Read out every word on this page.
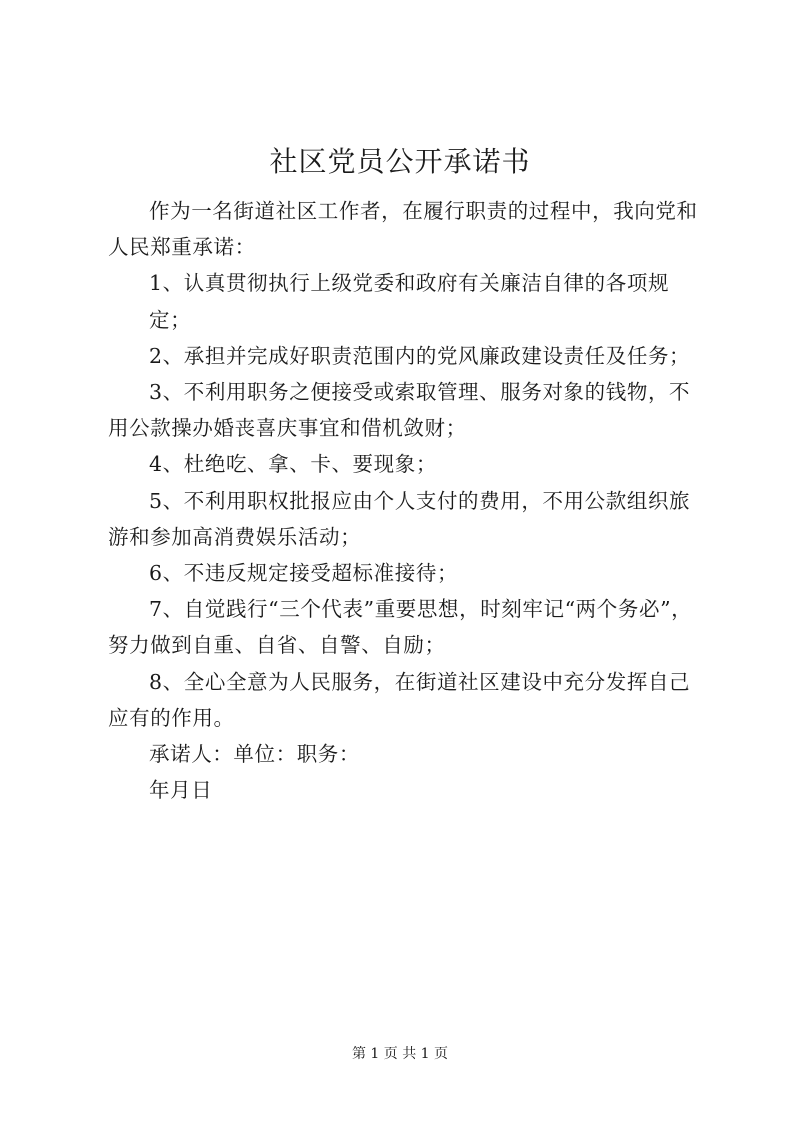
社区党员公开承诺书
作为一名街道社区工作者，在履行职责的过程中，我向党和
人民郑重承诺：
1、认真贯彻执行上级党委和政府有关廉洁自律的各项规定；
2、承担并完成好职责范围内的党风廉政建设责任及任务；
3、不利用职务之便接受或索取管理、服务对象的钱物，不
用公款操办婚丧喜庆事宜和借机敛财；
4、杜绝吃、拿、卡、要现象；
5、不利用职权批报应由个人支付的费用，不用公款组织旅
游和参加高消费娱乐活动；
6、不违反规定接受超标准接待；
7、自觉践行“三个代表”重要思想，时刻牢记“两个务必”，
努力做到自重、自省、自警、自励；
8、全心全意为人民服务，在街道社区建设中充分发挥自己
应有的作用。
承诺人：单位：职务：
年月日
第 1 页 共 1 页
